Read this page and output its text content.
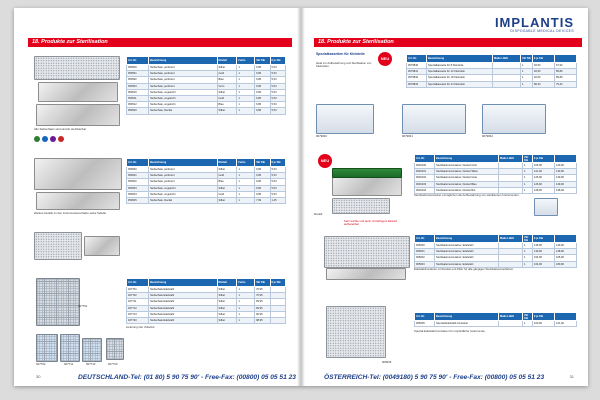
18. Produkte zur Sterilisation
Alle Siebschalen sind einzeln sterilisierbar.
Art.-Nr.	Bezeichnung	Modell	Farbe	VE/ Stk	€ je Stk
950500	Siebschale, perforiert	Silber	1	6,86	5,53
950501	Siebschale, perforiert	Gold	1	6,86	5,53
950502	Siebschale, perforiert	Blau	1	6,86	5,53
950503	Siebschale, perforiert	Grün	1	6,86	5,53
950510	Siebschale, ungelocht	Silber	1	6,86	5,53
950511	Siebschale, ungelocht	Gold	1	6,86	5,53
950512	Siebschale, ungelocht	Blau	1	6,86	5,53
950520	Siebschale, Deckel	Silber	1	6,86	5,53
Weitere Details zu den Instrumentenschalen siehe Tabelle.
Art.-Nr.	Bezeichnung	Modell	Farbe	VE/ Stk	€ je Stk
950600	Siebschale, perforiert	Silber	1	6,86	5,53
950601	Siebschale, perforiert	Gold	1	6,86	5,53
950602	Siebschale, perforiert	Blau	1	6,86	5,53
950603	Siebschale, ungelocht	Silber	1	6,86	5,53
950604	Siebschale, ungelocht	Gold	1	6,86	5,53
950605	Siebschale, Deckel	Silber	1	7,99	1,45
927T01
927T02	927T11	927T12	927T20
Art.-Nr.	Bezeichnung	Modell	Farbe	VE/ Stk	€ je Stk
927701	Siebschale Edelstahl	Silber	1	70,95	
927702	Siebschale Edelstahl	Silber	1	70,95	
927711	Siebschale Edelstahl	Silber	1	83,95	
927712	Siebschale Edelstahl	Silber	1	83,95	
927713	Siebschale Edelstahl	Silber	1	90,95	
927720	Siebschale Edelstahl	Silber	1	98,95	
Lieferung inkl. Zubehör.
30	DEUTSCHLAND-Tel: (01 80) 5 90 75 90' - Free-Fax: (00800) 05 05 51 23
IMPLANTIS
DISPOSABLE MEDICAL DEVICES
18. Produkte zur Sterilisation
Spezialkassetten für Kleinteile
Ideal zur Aufbewahrung und Sterilisation von Kleinteilen.
NEU	Art.-Nr.	Bezeichnung	Maße L/B/H	VE/ Stk	€ je Stk	
9079840	Spezialkassette für 8 Kleinteile		1	92,53	67,93
9079841	Spezialkassette für 12 Kleinteile		1	92,53	85,89
9079842	Spezialkassette für 18 Kleinteile		1	92,53	85,89
9079843	Spezialkassette für 24 Kleinteile		1	86,43	79,43
9079840	9079841	9079842
NEU
Modell
Sehr leichte und auch mit farbigem Einsatz aufbereitbar
Art.-Nr.	Bezeichnung	Maße L/B/H	VE/ Stk	€ je Stk	
9026100	Sterilisationscontainer, Deckel Grün		1	106,90	129,90
9026101	Sterilisationscontainer, Deckel Silber		1	121,90	133,90
9026102	Sterilisationscontainer, Deckel Grau		1	126,90	139,90
9026103	Sterilisationscontainer, Deckel Blau		1	126,90	139,90
9026104	Sterilisationscontainer, Deckel Rot		1	128,90	148,90
Sterilisationscontainer ermöglichen die Aufbewahrung von sterilisierten Instrumenten.
Art.-Nr.	Bezeichnung	Maße L/B/H	VE/ Stk	€ je Stk	
905000	Sterilisationscontainer, Edelstahl		1	135,90	149,90
905001	Sterilisationscontainer, Edelstahl		1	139,90	148,90
905002	Sterilisationscontainer, Edelstahl		1	154,90	165,90
905003	Sterilisationscontainer, Edelstahl		1	164,90	180,90
Edelstahlcontainer mit Deckel und Filter für alle gängigen Sterilisationsverfahren.
905005
Art.-Nr.	Bezeichnung	Maße L/B/H	VE/ Stk	€ je Stk	
905005	Spezial-Edelstahl-Container		1	100,90	121,90
Spezial-Edelstahl-Container für empfindliche Instrumente.
31
ÖSTERREICH-Tel: (0049180) 5 90 75 90' - Free-Fax: (00800) 05 05 51 23
